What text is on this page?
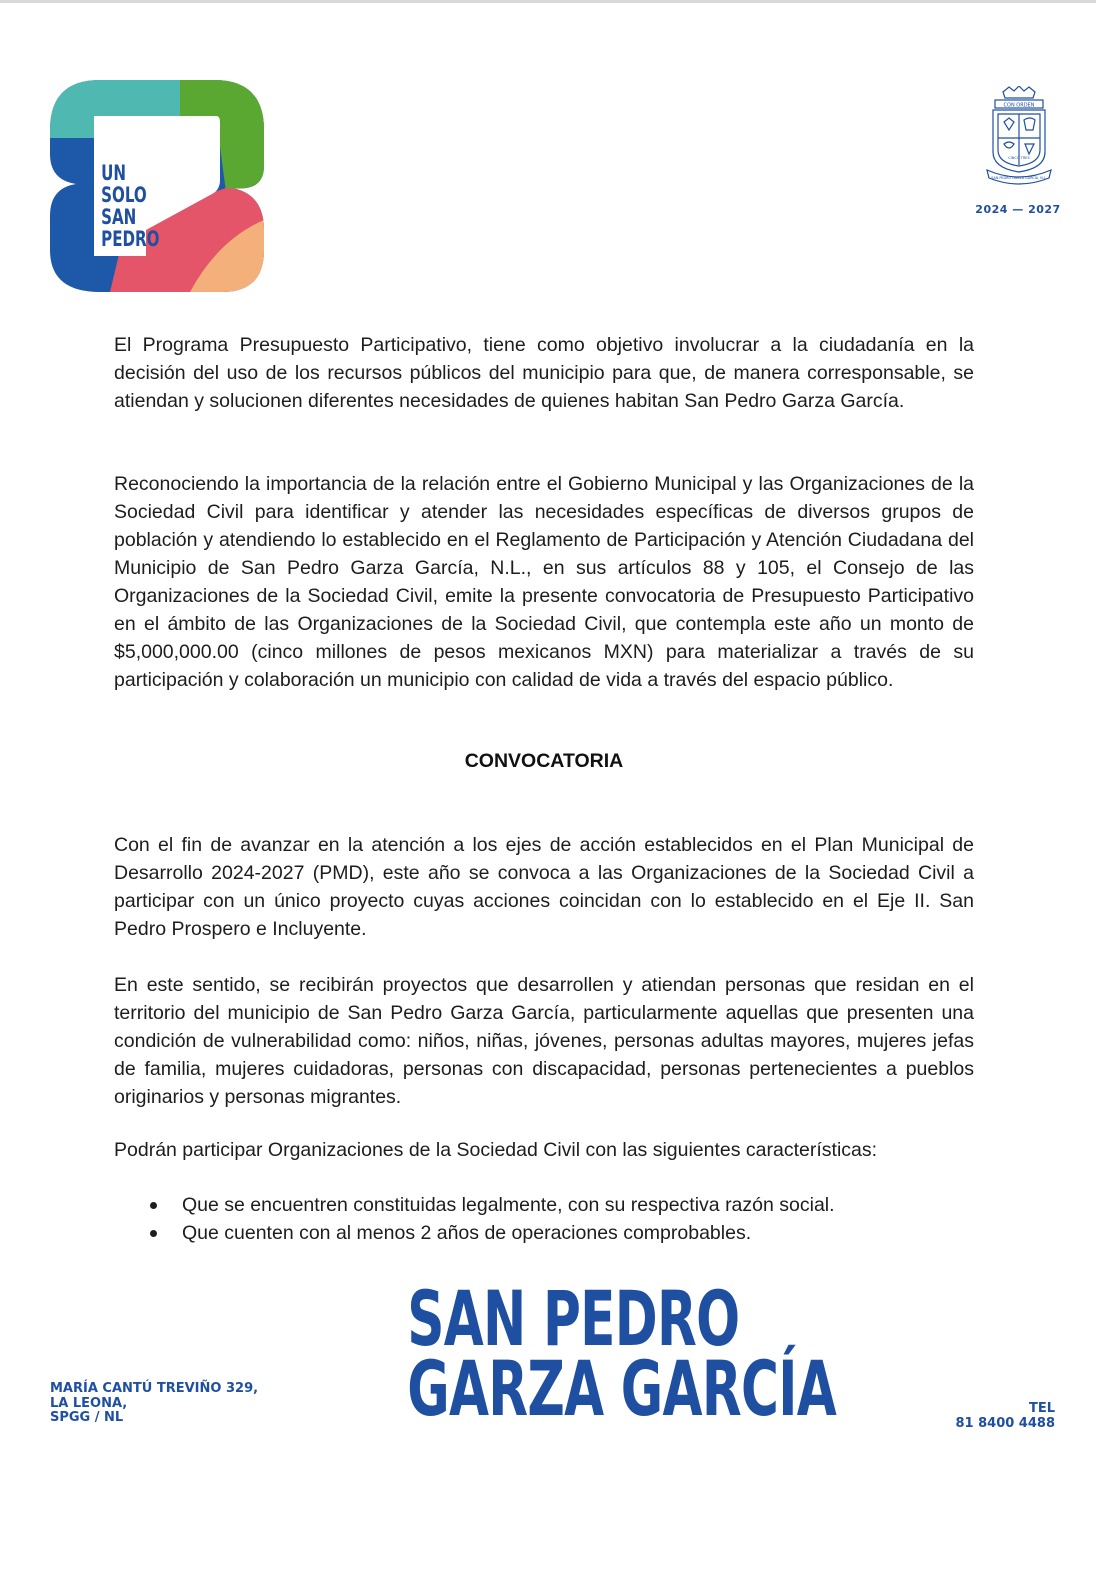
UN
SOLO
SAN
PEDRO
CON ORDEN
CINCO TRES
SAN PEDRO GARZA GARCÍA, N.L.
2024 — 2027
El Programa Presupuesto Participativo, tiene como objetivo involucrar a la ciudadanía en la decisión del uso de los recursos públicos del municipio para que, de manera corresponsable, se atiendan y solucionen diferentes necesidades de quienes habitan San Pedro Garza García.
Reconociendo la importancia de la relación entre el Gobierno Municipal y las Organizaciones de la Sociedad Civil para identificar y atender las necesidades específicas de diversos grupos de población y atendiendo lo establecido en el Reglamento de Participación y Atención Ciudadana del Municipio de San Pedro Garza García, N.L., en sus artículos 88 y 105, el Consejo de las Organizaciones de la Sociedad Civil, emite la presente convocatoria de Presupuesto Participativo en el ámbito de las Organizaciones de la Sociedad Civil, que contempla este año un monto de $5,000,000.00 (cinco millones de pesos mexicanos MXN) para materializar a través de su participación y colaboración un municipio con calidad de vida a través del espacio público.
CONVOCATORIA
Con el fin de avanzar en la atención a los ejes de acción establecidos en el Plan Municipal de Desarrollo 2024-2027 (PMD), este año se convoca a las Organizaciones de la Sociedad Civil a participar con un único proyecto cuyas acciones coincidan con lo establecido en el Eje II. San Pedro Prospero e Incluyente.
En este sentido, se recibirán proyectos que desarrollen y atiendan personas que residan en el territorio del municipio de San Pedro Garza García, particularmente aquellas que presenten una condición de vulnerabilidad como: niños, niñas, jóvenes, personas adultas mayores, mujeres jefas de familia, mujeres cuidadoras, personas con discapacidad, personas pertenecientes a pueblos originarios y personas migrantes.
Podrán participar Organizaciones de la Sociedad Civil con las siguientes características:
Que se encuentren constituidas legalmente, con su respectiva razón social.
Que cuenten con al menos 2 años de operaciones comprobables.
SAN PEDRO
GARZA GARCÍA
MARÍA CANTÚ TREVIÑO 329,
LA LEONA,
SPGG / NL
TEL
81 8400 4488
